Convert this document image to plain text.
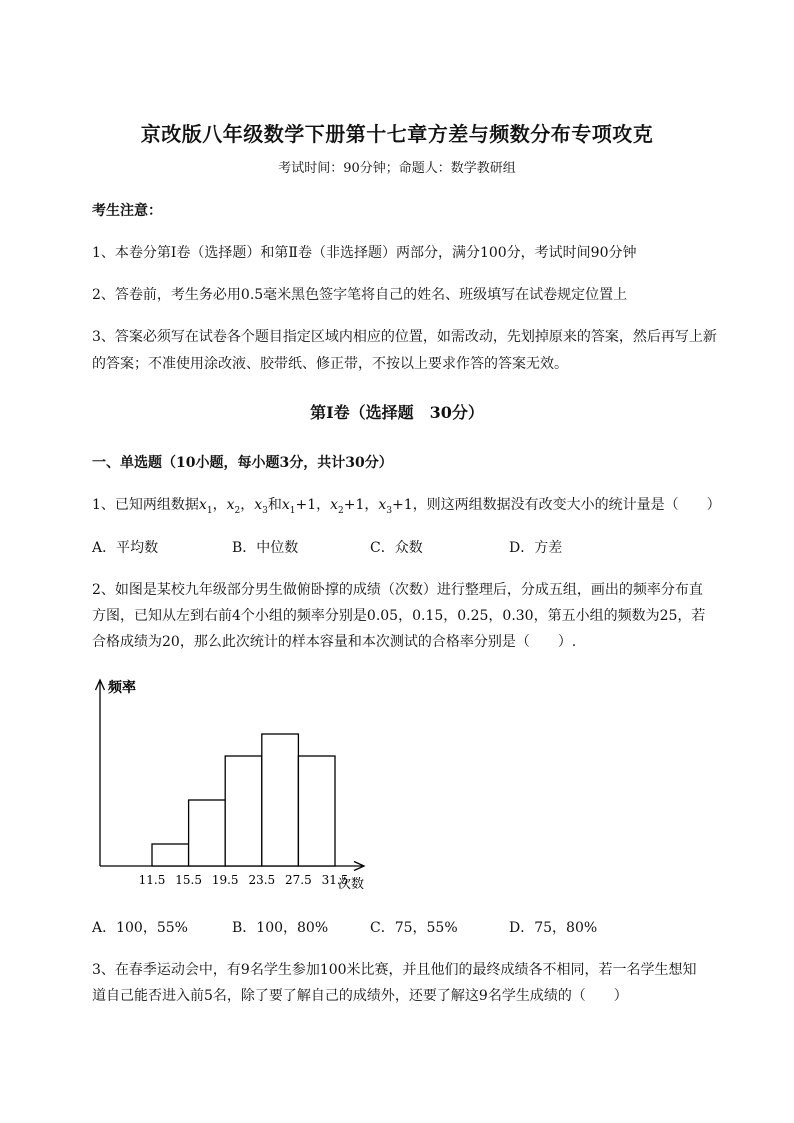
京改版八年级数学下册第十七章方差与频数分布专项攻克
考试时间：90分钟；命题人：数学教研组
考生注意：
1、本卷分第I卷（选择题）和第Ⅱ卷（非选择题）两部分，满分100分，考试时间90分钟
2、答卷前，考生务必用0.5毫米黑色签字笔将自己的姓名、班级填写在试卷规定位置上
3、答案必须写在试卷各个题目指定区域内相应的位置，如需改动，先划掉原来的答案，然后再写上新
的答案；不准使用涂改液、胶带纸、修正带，不按以上要求作答的答案无效。
第I卷（选择题　30分）
一、单选题（10小题，每小题3分，共计30分）
1、已知两组数据$x_1$，$x_2$，$x_3$和$x_1+1$，$x_2+1$，$x_3+1$，则这两组数据没有改变大小的统计量是（　　）
A．平均数	B．中位数	C．众数	D．方差
2、如图是某校九年级部分男生做俯卧撑的成绩（次数）进行整理后，分成五组，画出的频率分布直
方图，已知从左到右前4个小组的频率分别是0.05，0.15，0.25，0.30，第五小组的频数为25，若
合格成绩为20，那么此次统计的样本容量和本次测试的合格率分别是（　　）.
频率
次数
11.5 15.5 19.5 23.5 27.5 31.5
A．100，55%	B．100，80%	C．75，55%	D．75，80%
3、在春季运动会中，有9名学生参加100米比赛，并且他们的最终成绩各不相同，若一名学生想知
道自己能否进入前5名，除了要了解自己的成绩外，还要了解这9名学生成绩的（　　）
